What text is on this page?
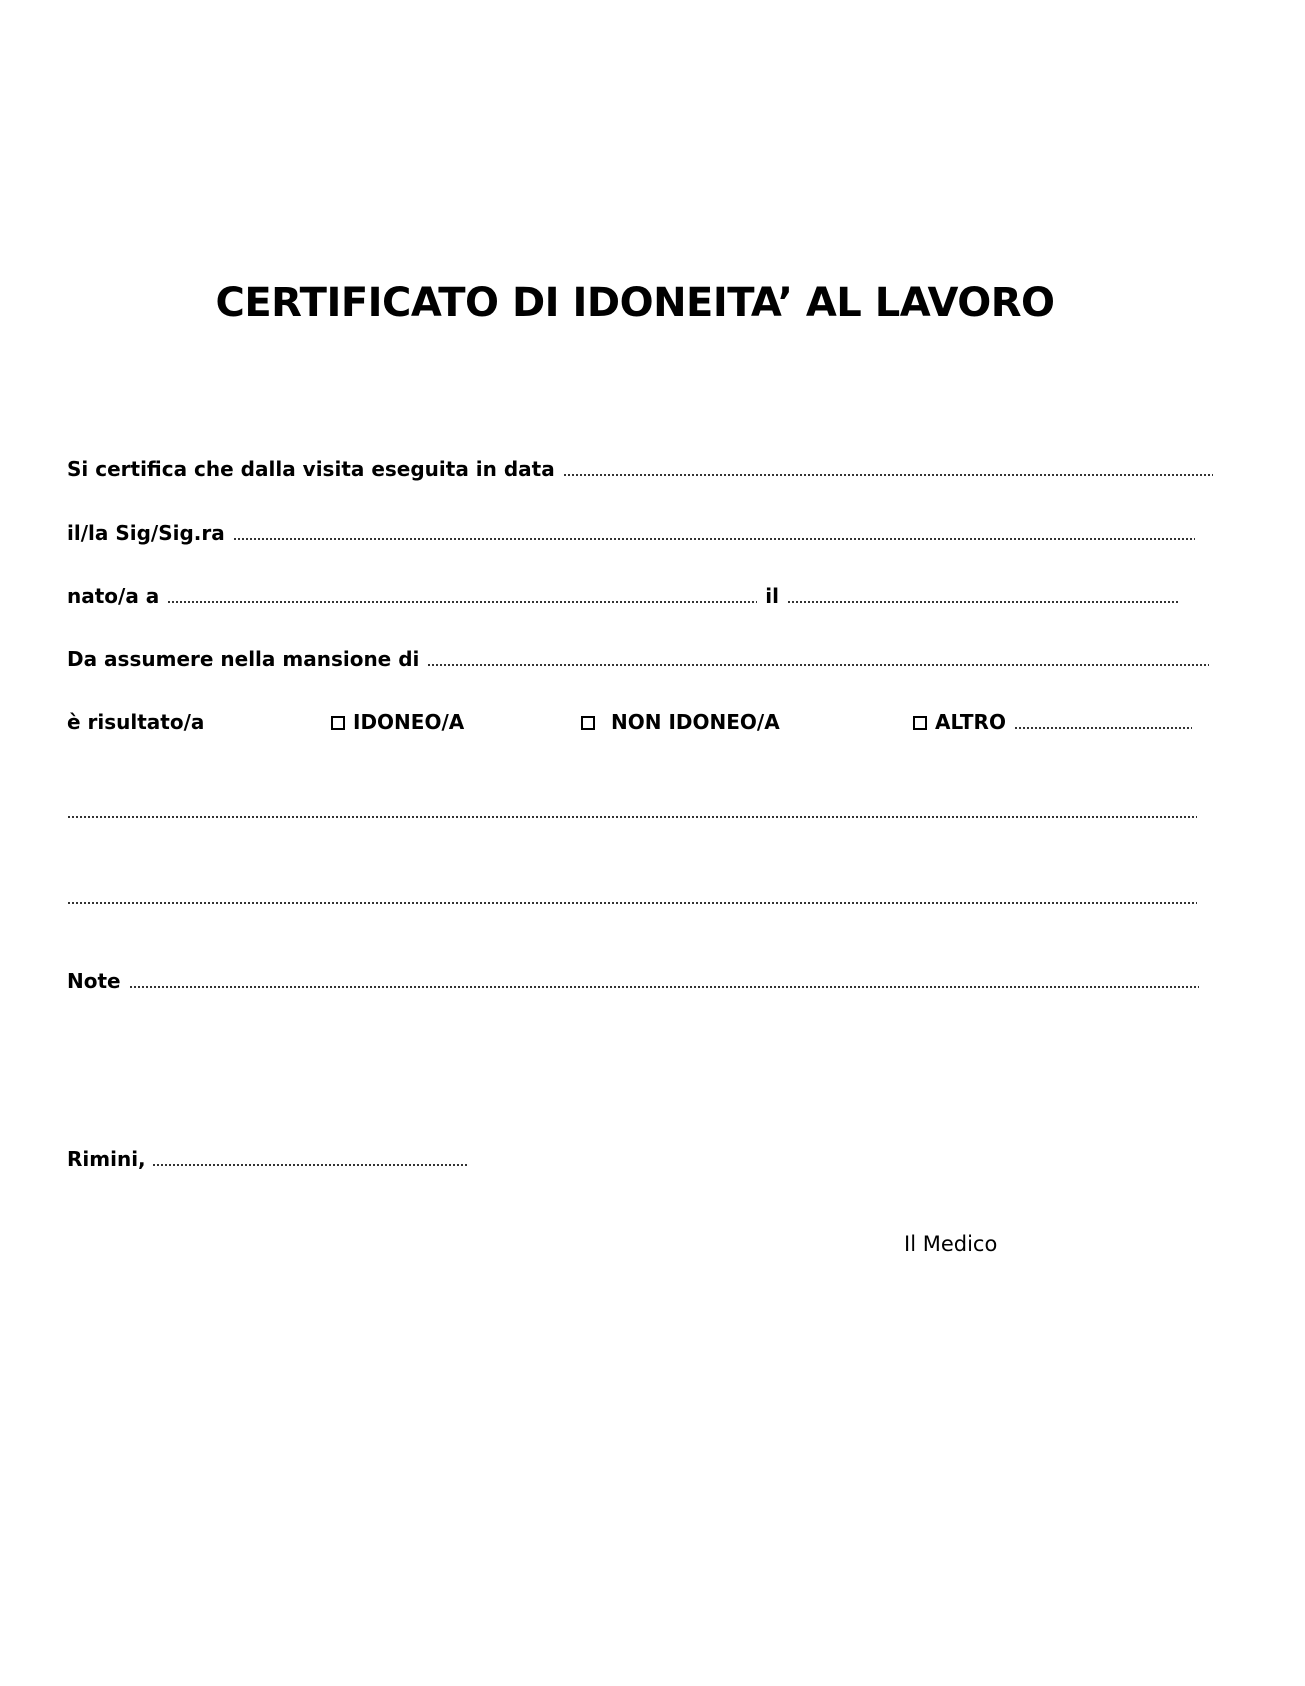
CERTIFICATO DI IDONEITA’ AL LAVORO
Si certifica che dalla visita eseguita in data
il/la Sig/Sig.ra
nato/a a	il
Da assumere nella mansione di
è risultato/a	IDONEO/A	NON IDONEO/A	ALTRO
Note
Rimini,
Il Medico
